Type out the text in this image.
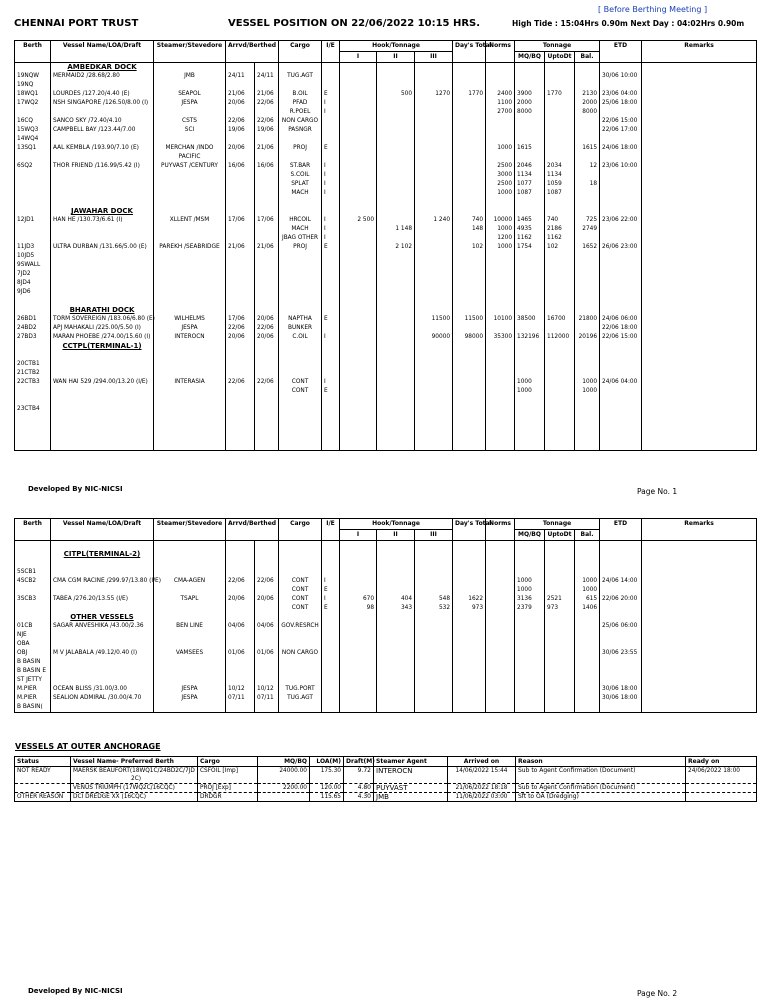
[ Before Berthing Meeting ]
CHENNAI PORT TRUST	VESSEL POSITION ON 22/06/2022 10:15 HRS.	High Tide : 15:04Hrs 0.90m Next Day : 04:02Hrs 0.90m
Berth	Vessel Name/LOA/Draft	Steamer/Stevedore	Arrvd/Berthed		Cargo	I/E	Hook/Tonnage			Day's Total	Norms	Tonnage			ETD	Remarks
							I	II	III			MQ/BQ	UptoDt	Bal.		
	AMBEDKAR DOCK															
19NQW	MERMAID2 /28.68/2.80	JMB	24/11	24/11	TUG.AGT										30/06 10:00	
19NQ																
18WQ1	LOURDES /127.20/4.40 (E)	SEAPOL	21/06	21/06	B.OIL	E		500	1270	1770	2400	3900	1770	2130	23/06 04:00	
17WQ2	NSH SINGAPORE /126.50/8.00 (I)	JESPA	20/06	22/06	PFAD	I					1100	2000		2000	25/06 18:00	
					R.POEL	I					2700	8000		8000		
16CQ	SANCO SKY /72.40/4.10	CSTS	22/06	22/06	NON CARGO										22/06 15:00	
15WQ3	CAMPBELL BAY /123.44/7.00	SCI	19/06	19/06	PASNGR										22/06 17:00	
14WQ4																
13SQ1	AAL KEMBLA /193.90/7.10 (E)	MERCHAN /INDO	20/06	21/06	PROJ	E					1000	1615		1615	24/06 18:00	
		PACIFIC														
6SQ2	THOR FRIEND /116.99/5.42 (I)	PUYVAST /CENTURY	16/06	16/06	ST.BAR	I					2500	2046	2034	12	23/06 10:00	
					S.COIL	I					3000	1134	1134			
					SPLAT	I					2500	1077	1059	18		
					MACH	I					1000	1087	1087			

	JAWAHAR DOCK															
12JD1	HAN HE /130.73/6.61 (I)	XLLENT /MSM	17/06	17/06	HRCOIL	I	2 500		1 240	740	10000	1465	740	725	23/06 22:00	
					MACH	I		1 148		148	1000	4935	2186	2749		
					JBAG OTHER	I					1200	1162	1162			
11JD3	ULTRA DURBAN /131.66/5.00 (E)	PAREKH /SEABRIDGE	21/06	21/06	PROJ	E		2 102		102	1000	1754	102	1652	26/06 23:00	
10JD5																
9SWALL																
7JD2																
8JD4																
9JD6																

	BHARATHI DOCK															
26BD1	TORM SOVEREIGN /183.06/6.80 (E)	WILHELMS	17/06	20/06	NAPTHA	E			11500	11500	10100	38500	16700	21800	24/06 06:00	
24BD2	APJ MAHAKALI /225.00/5.50 (I)	JESPA	22/06	22/06	BUNKER										22/06 18:00	
27BD3	MARAN PHOEBE /274.00/15.60 (I)	INTEROCN	20/06	20/06	C.OIL	I			90000	98000	35300	132196	112000	20196	22/06 15:00	
	CCTPL(TERMINAL-1)															

20CTB1																
21CTB2																
22CTB3	WAN HAI 529 /294.00/13.20 (I/E)	INTERASIA	22/06	22/06	CONT	I						1000		1000	24/06 04:00	
					CONT	E						1000		1000		

23CTB4																

Developed By NIC-NICSI	Page No. 1
Berth	Vessel Name/LOA/Draft	Steamer/Stevedore	Arrvd/Berthed		Cargo	I/E	Hook/Tonnage			Day's Total	Norms	Tonnage			ETD	Remarks
							I	II	III			MQ/BQ	UptoDt	Bal.		

	CITPL(TERMINAL-2)															

5SCB1																
4SCB2	CMA CGM RACINE /299.97/13.80 (I/E)	CMA-AGEN	22/06	22/06	CONT	I						1000		1000	24/06 14:00	
					CONT	E						1000		1000		
3SCB3	TABEA /276.20/13.55 (I/E)	TSAPL	20/06	20/06	CONT	I	670	404	548	1622		3136	2521	615	22/06 20:00	
					CONT	E	98	343	532	973		2379	973	1406		
	OTHER VESSELS															
01CB	SAGAR ANVESHIKA /43.00/2.36	BEN LINE	04/06	04/06	GOV.RESRCH										25/06 06:00	
NJE																
OBA																
OBJ	M V JALABALA /49.12/0.40 (I)	VAMSEES	01/06	01/06	NON CARGO										30/06 23:55	
B BASIN																
B BASIN E																
ST JETTY																
M.PIER	OCEAN BLISS /31.00/3.00	JESPA	10/12	10/12	TUG.PORT										30/06 18:00	
M.PIER	SEALION ADMIRAL /30.00/4.70	JESPA	07/11	07/11	TUG.AGT										30/06 18:00	
B BASIN(																
VESSELS AT OUTER ANCHORAGE
Status	Vessel Name- Preferred Berth	Cargo	MQ/BQ	LOA(M)	Draft(M)	Steamer Agent	Arrived on	Reason	Ready on
NOT READY	MAERSK BEAUFORT(18WQ1C/24BD2C/7JD
2C)	CSFOIL [Imp]	24000.00	175.30	9.72	INTEROCN	14/06/2022 15:44	Sub to Agent Confirmation (Document)	24/06/2022 18:00
	VENUS TRIUMPH (17WQ2C/16CQC)	PROJ [Exp]	2200.00	120.00	4.80	PUYVAST	21/06/2022 18:18	Sub to Agent Confirmation (Document)	
OTHER REASON	DCI DREDGE XX (16CQC)	DRDGR		115.65	4.30	JMB	11/06/2022 03:00	Sft to OA (Dredging)	
Developed By NIC-NICSI	Page No. 2
